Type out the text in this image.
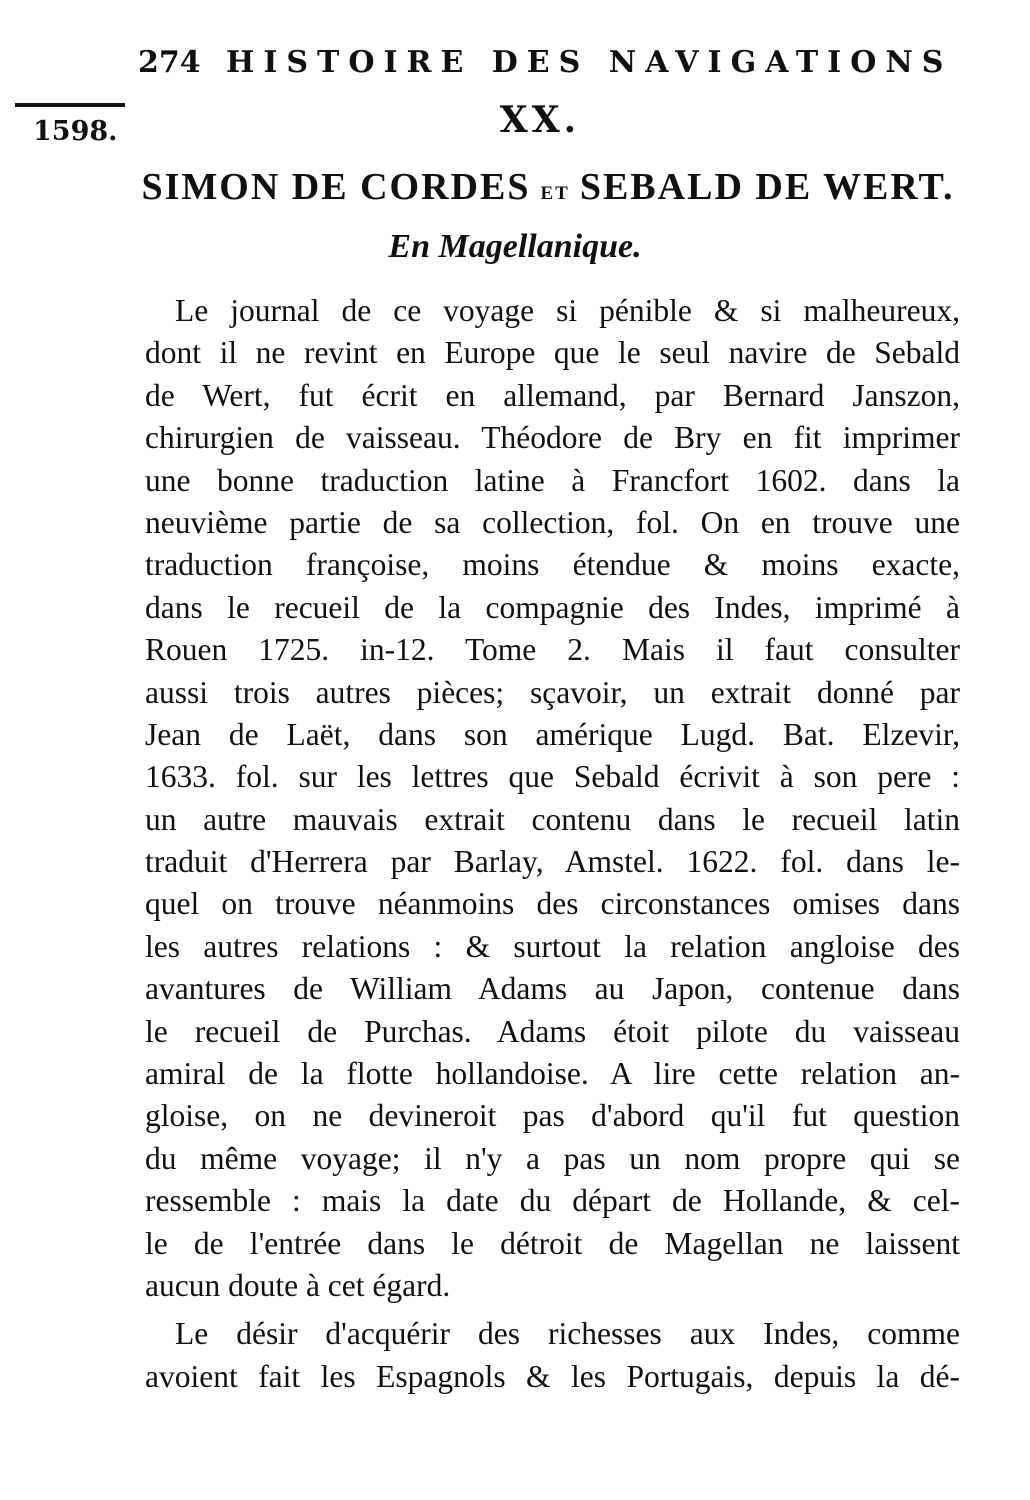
274 HISTOIRE DES NAVIGATIONS
1598.	XX.
SIMON DE CORDES ET SEBALD DE WERT.
En Magellanique.
Le journal de ce voyage si pénible & si malheureux,
dont il ne revint en Europe que le seul navire de Sebald
de Wert, fut écrit en allemand, par Bernard Janszon,
chirurgien de vaisseau. Théodore de Bry en fit imprimer
une bonne traduction latine à Francfort 1602. dans la
neuvième partie de sa collection, fol. On en trouve une
traduction françoise, moins étendue & moins exacte,
dans le recueil de la compagnie des Indes, imprimé à
Rouen 1725. in-12. Tome 2. Mais il faut consulter
aussi trois autres pièces; sçavoir, un extrait donné par
Jean de Laët, dans son amérique Lugd. Bat. Elzevir,
1633. fol. sur les lettres que Sebald écrivit à son pere :
un autre mauvais extrait contenu dans le recueil latin
traduit d'Herrera par Barlay, Amstel. 1622. fol. dans le-
quel on trouve néanmoins des circonstances omises dans
les autres relations : & surtout la relation angloise des
avantures de William Adams au Japon, contenue dans
le recueil de Purchas. Adams étoit pilote du vaisseau
amiral de la flotte hollandoise. A lire cette relation an-
gloise, on ne devineroit pas d'abord qu'il fut question
du même voyage; il n'y a pas un nom propre qui se
ressemble : mais la date du départ de Hollande, & cel-
le de l'entrée dans le détroit de Magellan ne laissent
aucun doute à cet égard.
Le désir d'acquérir des richesses aux Indes, comme
avoient fait les Espagnols & les Portugais, depuis la dé-
